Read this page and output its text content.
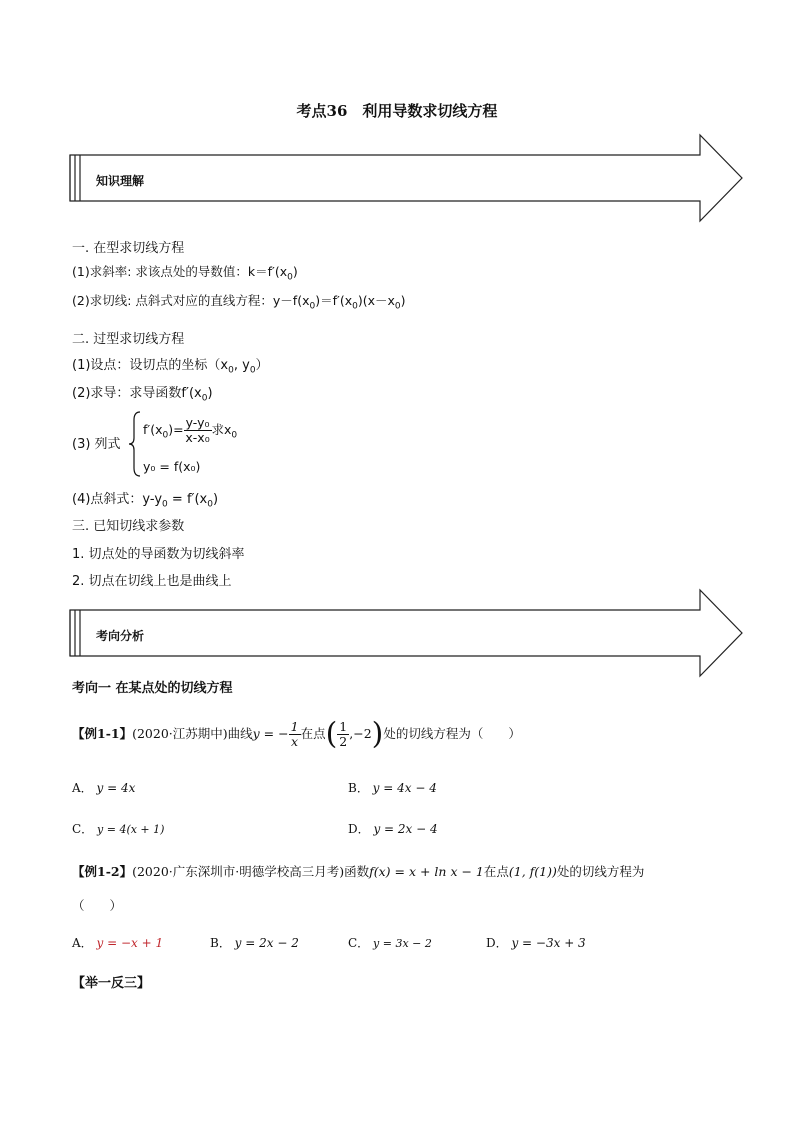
考点36　利用导数求切线方程
知识理解
一. 在型求切线方程
(1)求斜率: 求该点处的导数值：$k=f'(x_0)$
(2)求切线: 点斜式对应的直线方程：$y-f(x_0)=f'(x_0)(x-x_0)$
二. 过型求切线方程
(1)设点：设切点的坐标（$x_0$, $y_0$）
(2)求导：求导函数$f'(x_0)$
(3) 列式
$f'(x_0)= \frac{\text{y-y₀}}{\text{x-x₀}}$ 求$x_0$
y₀ = f(x₀)
(4)点斜式：$y-y_0 = f'(x_0)$
三. 已知切线求参数
1. 切点处的导函数为切线斜率
2. 切点在切线上也是曲线上
考向分析
考向一 在某点处的切线方程
【例1-1】(2020·江苏期中)曲线y = − $\frac{1}{x}$ 在点( $\frac{1}{2} ,-2$)处的切线方程为（　　）
A． y = 4x	B． y = 4x − 4
C． y = 4(x + 1)	D． y = 2x − 4
【例1-2】(2020·广东深圳市·明德学校高三月考)函数f(x) = x + ln x − 1在点(1, f(1))处的切线方程为
（　　）
A． y = −x + 1	B． y = 2x − 2	C． y = 3x − 2	D． y = −3x + 3
【举一反三】
